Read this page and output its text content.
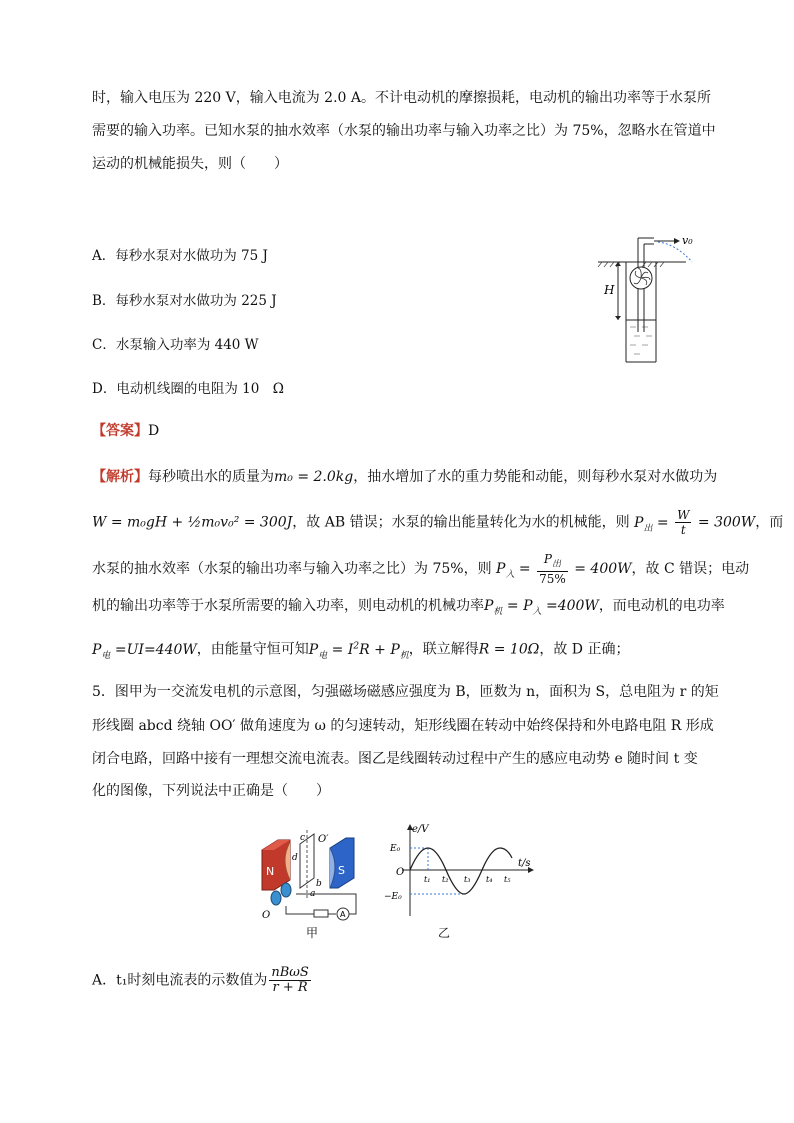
时，输入电压为 220 V，输入电流为 2.0 A。不计电动机的摩擦损耗，电动机的输出功率等于水泵所
需要的输入功率。已知水泵的抽水效率（水泵的输出功率与输入功率之比）为 75%，忽略水在管道中
运动的机械能损失，则（　　）
A．每秒水泵对水做功为 75 J
B．每秒水泵对水做功为 225 J
C．水泵输入功率为 440 W
D．电动机线圈的电阻为 10　Ω
v₀
H
【答案】D
【解析】每秒喷出水的质量为m₀ = 2.0kg，抽水增加了水的重力势能和动能，则每秒水泵对水做功为
W = m₀gH + ½m₀v₀² = 300J，故 AB 错误；水泵的输出能量转化为水的机械能，则 $P_出 = \frac{W}{t} = 300W$，而
水泵的抽水效率（水泵的输出功率与输入功率之比）为 75%，则 $P_入 = \frac{P_出}{75\%} = 400W$，故 C 错误；电动
机的输出功率等于水泵所需要的输入功率，则电动机的机械功率$P_机 = P_入 =400W$，而电动机的电功率
$P_电 =UI=440W$，由能量守恒可知$P_电 = I^2R + P_机$，联立解得R = 10Ω，故 D 正确；
5．图甲为一交流发电机的示意图，匀强磁场磁感应强度为 B，匝数为 n，面积为 S，总电阻为 r 的矩
形线圈 abcd 绕轴 OO′ 做角速度为 ω 的匀速转动，矩形线圈在转动中始终保持和外电路电阻 R 形成
闭合电路，回路中接有一理想交流电流表。图乙是线圈转动过程中产生的感应电动势 e 随时间 t 变
化的图像，下列说法中正确是（　　）
N	S
c
d
b
a
O′
O	A
甲
e/V
t/s
O
E₀
−E₀
t₁ t₂ t₃ t₄ t₅
乙
A．t₁时刻电流表的示数值为 $\frac{\text{nBωS}}{r + R}$
